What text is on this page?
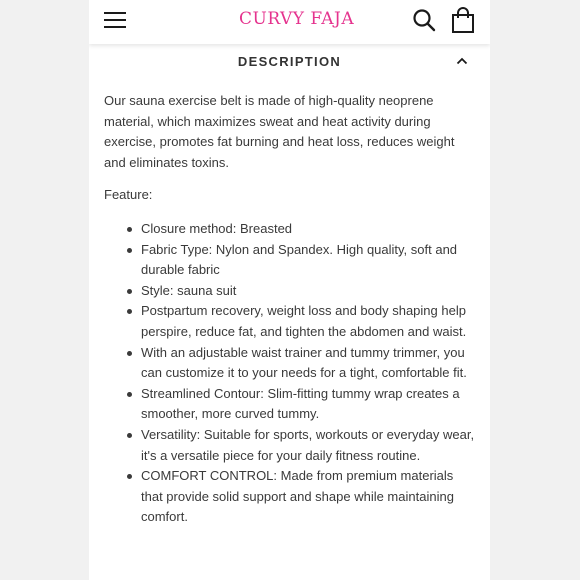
CURVY FAJA
DESCRIPTION

Our sauna exercise belt is made of high-quality neoprene material, which maximizes sweat and heat activity during exercise, promotes fat burning and heat loss, reduces weight and eliminates toxins.

Feature:

Closure method: Breasted
Fabric Type: Nylon and Spandex. High quality, soft and durable fabric
Style: sauna suit
Postpartum recovery, weight loss and body shaping help perspire, reduce fat, and tighten the abdomen and waist.
With an adjustable waist trainer and tummy trimmer, you can customize it to your needs for a tight, comfortable fit.
Streamlined Contour: Slim-fitting tummy wrap creates a smoother, more curved tummy.
Versatility: Suitable for sports, workouts or everyday wear, it's a versatile piece for your daily fitness routine.
COMFORT CONTROL: Made from premium materials that provide solid support and shape while maintaining comfort.
